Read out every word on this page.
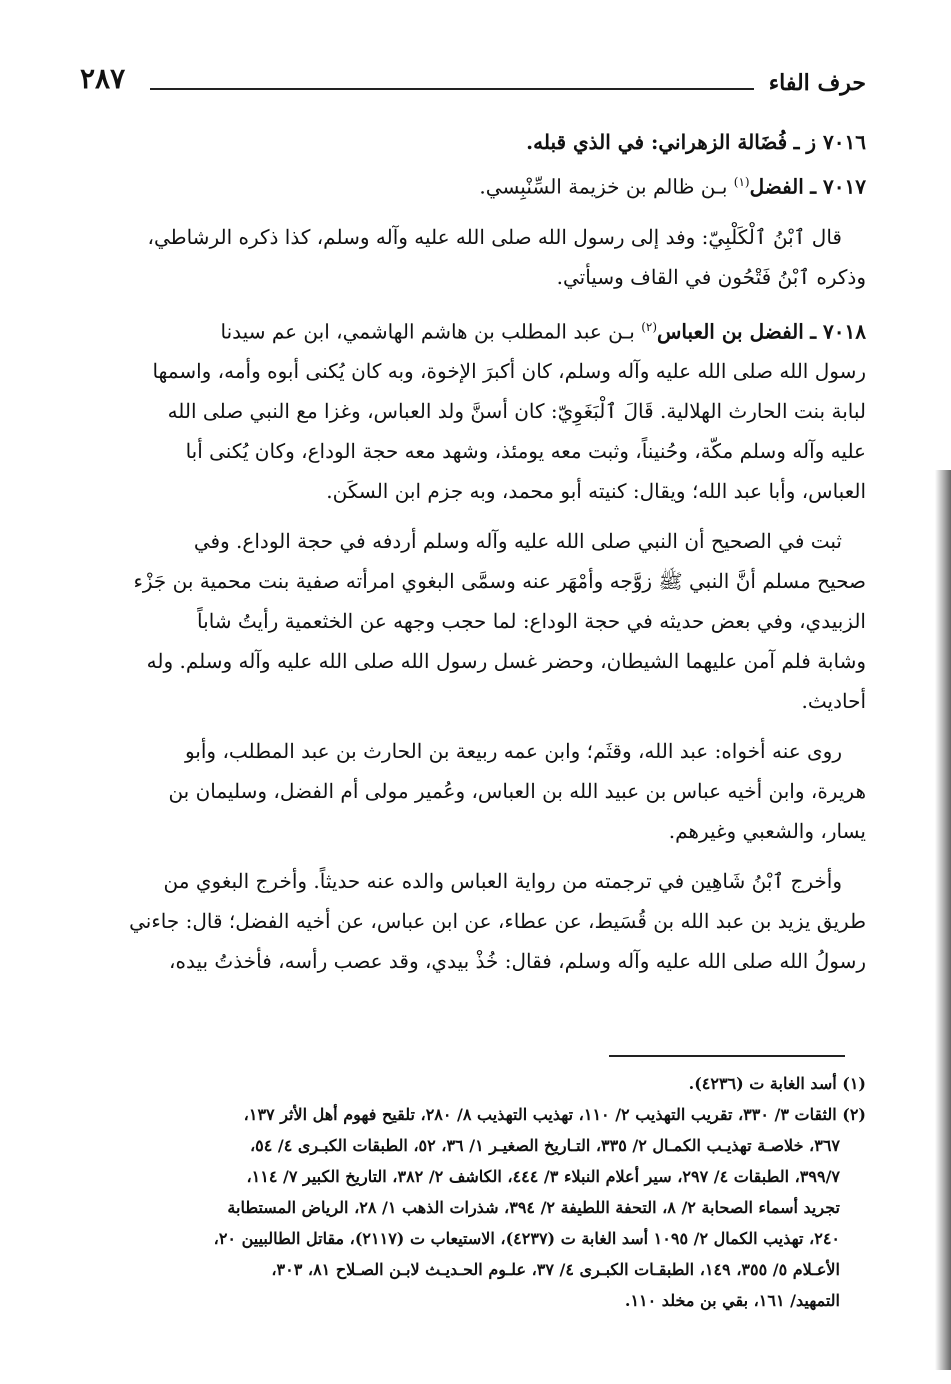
٢٨٧	حرف الفاء

٧٠١٦ ز ـ فُضَالة الزهراني: في الذي قبله.

٧٠١٧ ـ الفضل$^{(١)}$ بـن ظالم بن خزيمة السِّنْبِسي.

قال ٱبْنُ ٱلْكَلْبِيّ: وفد إلى رسول الله صلى الله عليه وآله وسلم، كذا ذكره الرشاطي،

وذكره ٱبْنُ فَتْحُون في القاف وسيأتي.

٧٠١٨ ـ الفضل بن العباس$^{(٢)}$ بـن عبد المطلب بن هاشم الهاشمي، ابن عم سيدنا

رسول الله صلى الله عليه وآله وسلم، كان أكبرَ الإخوة، وبه كان يُكنى أبوه وأمه، واسمها

لبابة بنت الحارث الهلالية. قَالَ ٱلْبَغَوِيّ: كان أسنَّ ولد العباس، وغزا مع النبي صلى الله

عليه وآله وسلم مكّة، وحُنيناً، وثبت معه يومئذ، وشهد معه حجة الوداع، وكان يُكنى أبا

العباس، وأبا عبد الله؛ ويقال: كنيته أبو محمد، وبه جزم ابن السكَن.

ثبت في الصحيح أن النبي صلى الله عليه وآله وسلم أردفه في حجة الوداع. وفي

صحيح مسلم أنَّ النبي ﷺ زوَّجه وأمْهَر عنه وسمَّى البغوي امرأته صفية بنت محمية بن جَزْء

الزبيدي، وفي بعض حديثه في حجة الوداع: لما حجب وجهه عن الخثعمية رأيتُ شاباً

وشابة فلم آمن عليهما الشيطان، وحضر غسل رسول الله صلى الله عليه وآله وسلم. وله

أحاديث.

روى عنه أخواه: عبد الله، وقثَم؛ وابن عمه ربيعة بن الحارث بن عبد المطلب، وأبو

هريرة، وابن أخيه عباس بن عبيد الله بن العباس، وعُمير مولى أم الفضل، وسليمان بن

يسار، والشعبي وغيرهم.

وأخرج ٱبْنُ شَاهِين في ترجمته من رواية العباس والده عنه حديثاً. وأخرج البغوي من

طريق يزيد بن عبد الله بن قُسَيط، عن عطاء، عن ابن عباس، عن أخيه الفضل؛ قال: جاءني

رسولُ الله صلى الله عليه وآله وسلم، فقال: خُذْ بيدي، وقد عصب رأسه، فأخذتُ بيده،

(١) أسد الغابة ت (٤٢٣٦).

(٢) الثقات ٣/ ٣٣٠، تقريب التهذيب ٢/ ١١٠، تهذيب التهذيب ٨/ ٢٨٠، تلقيح فهوم أهل الأثر ١٣٧،

٣٦٧، خلاصـة تهذيـب الكمـال ٢/ ٣٣٥، التـاريخ الصغيـر ١/ ٣٦، ٥٢، الطبقات الكبـرى ٤/ ٥٤،

٣٩٩/٧، الطبقات ٤/ ٢٩٧، سير أعلام النبلاء ٣/ ٤٤٤، الكاشف ٢/ ٣٨٢، التاريخ الكبير ٧/ ١١٤،

تجريد أسماء الصحابة ٢/ ٨، التحفة اللطيفة ٢/ ٣٩٤، شذرات الذهب ١/ ٢٨، الرياض المستطابة

٢٤٠، تهذيب الكمال ٢/ ١٠٩٥ أسد الغابة ت (٤٢٣٧)، الاستيعاب ت (٢١١٧)، مقاتل الطالبيين ٢٠،

الأعـلام ٥/ ٣٥٥، ١٤٩، الطبقـات الكبـرى ٤/ ٣٧، علـوم الحـديـث لابـن الصـلاح ٨١، ٣٠٣،

التمهيد/ ١٦١، بقي بن مخلد ١١٠.
